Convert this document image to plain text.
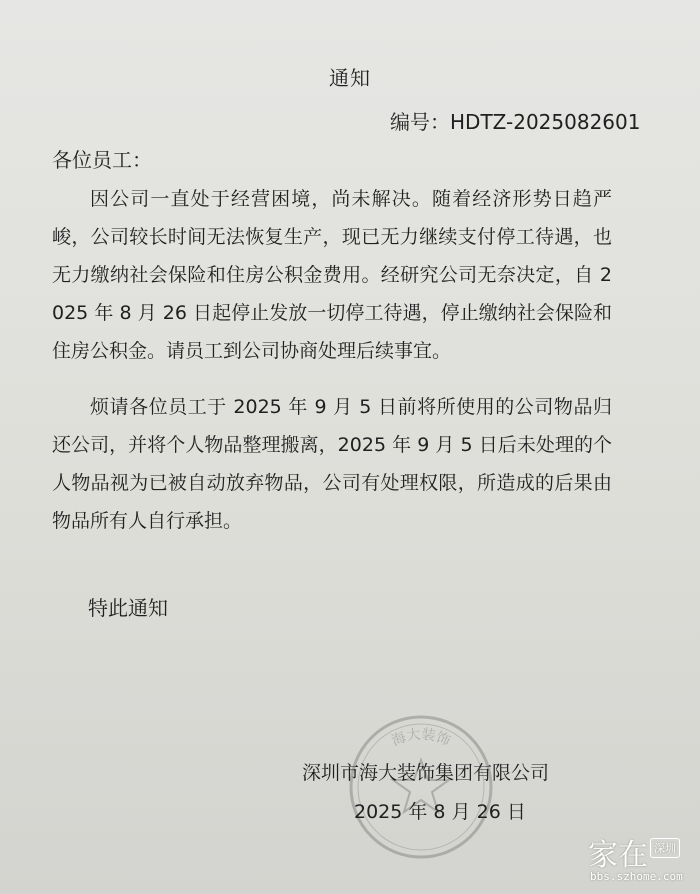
通知
编号：HDTZ-2025082601
各位员工：

因公司一直处于经营困境，尚未解决。随着经济形势日趋严峻，公司较长时间无法恢复生产，现已无力继续支付停工待遇，也无力缴纳社会保险和住房公积金费用。经研究公司无奈决定，自 2025 年 8 月 26 日起停止发放一切停工待遇，停止缴纳社会保险和住房公积金。请员工到公司协商处理后续事宜。

烦请各位员工于 2025 年 9 月 5 日前将所使用的公司物品归还公司，并将个人物品整理搬离，2025 年 9 月 5 日后未处理的个人物品视为已被自动放弃物品，公司有处理权限，所造成的后果由物品所有人自行承担。

特此通知
海大装饰
深圳市海大装饰集团有限公司
2025 年 8 月 26 日
家在 深圳
bbs.szhome.com
